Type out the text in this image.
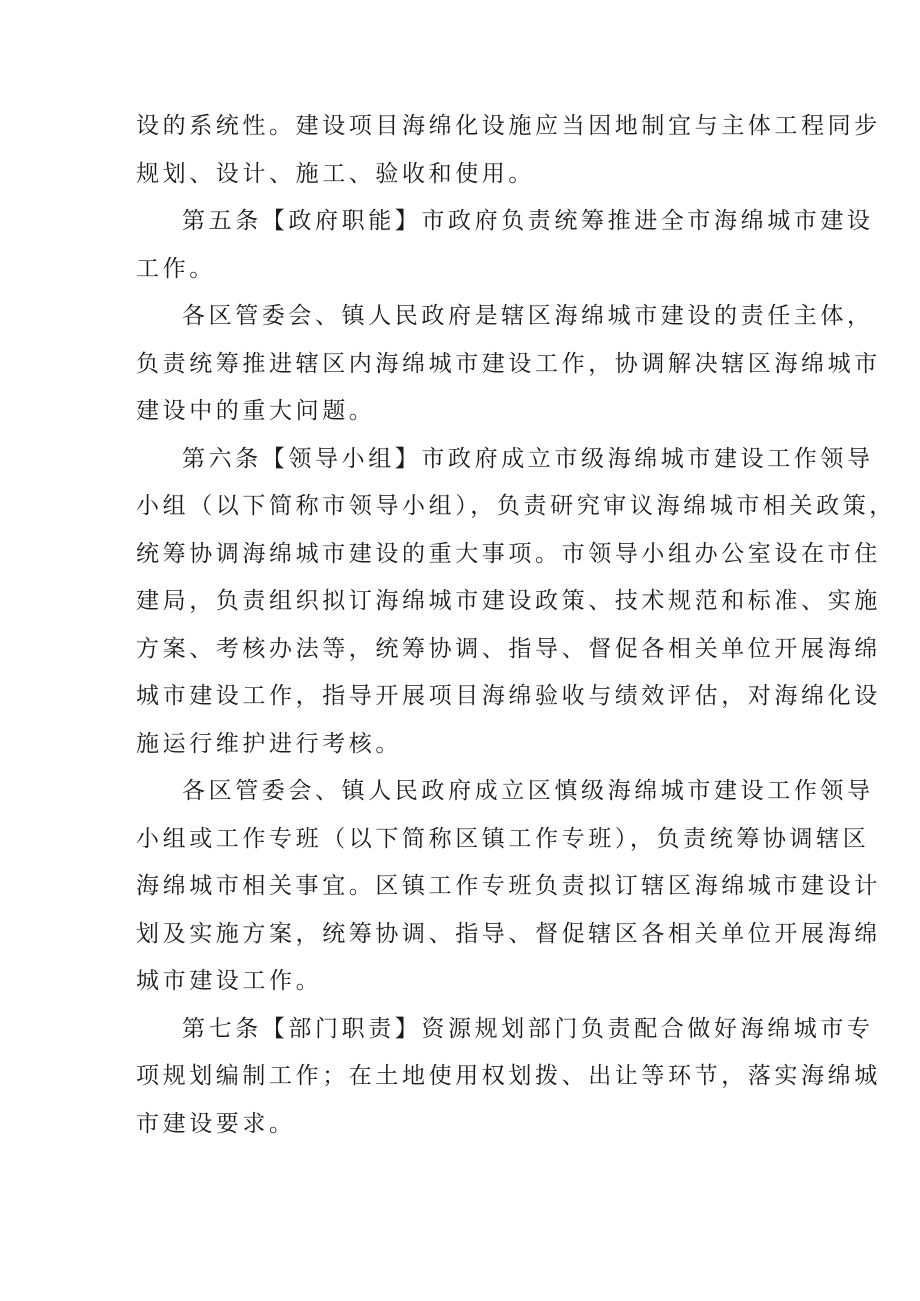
设的系统性。建设项目海绵化设施应当因地制宜与主体工程同步
规划、设计、施工、验收和使用。

第五条【政府职能】市政府负责统筹推进全市海绵城市建设
工作。

各区管委会、镇人民政府是辖区海绵城市建设的责任主体，
负责统筹推进辖区内海绵城市建设工作，协调解决辖区海绵城市
建设中的重大问题。

第六条【领导小组】市政府成立市级海绵城市建设工作领导
小组（以下简称市领导小组），负责研究审议海绵城市相关政策，
统筹协调海绵城市建设的重大事项。市领导小组办公室设在市住
建局，负责组织拟订海绵城市建设政策、技术规范和标准、实施
方案、考核办法等，统筹协调、指导、督促各相关单位开展海绵
城市建设工作，指导开展项目海绵验收与绩效评估，对海绵化设
施运行维护进行考核。

各区管委会、镇人民政府成立区慎级海绵城市建设工作领导
小组或工作专班（以下简称区镇工作专班），负责统筹协调辖区
海绵城市相关事宜。区镇工作专班负责拟订辖区海绵城市建设计
划及实施方案，统筹协调、指导、督促辖区各相关单位开展海绵
城市建设工作。

第七条【部门职责】资源规划部门负责配合做好海绵城市专
项规划编制工作；在土地使用权划拨、出让等环节，落实海绵城
市建设要求。
